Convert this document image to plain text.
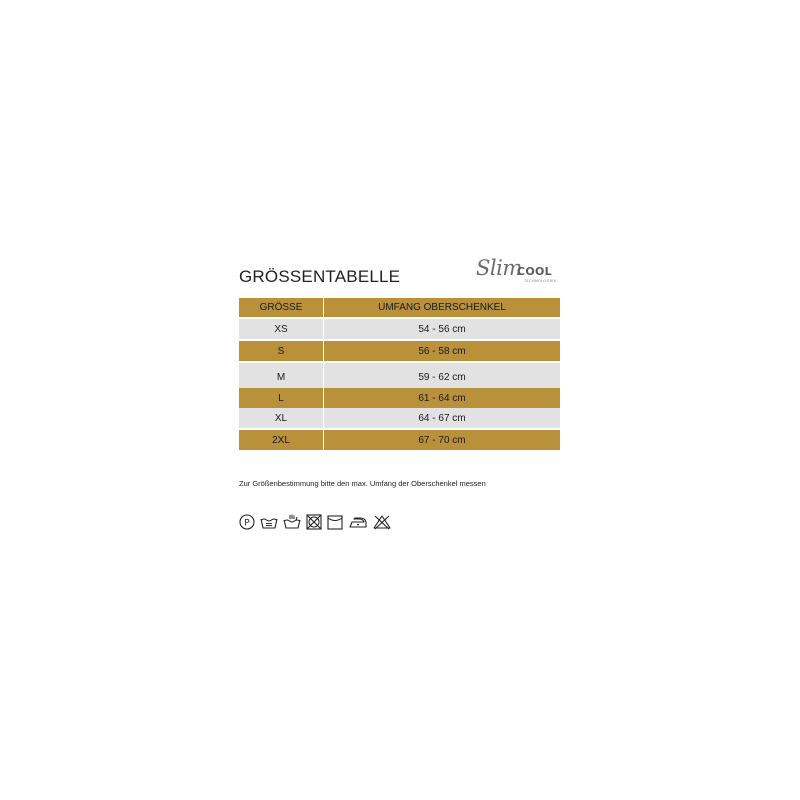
GRÖSSENTABELLE	Slim
COOL
TECHNOLOGIES
GRÖSSE	UMFANG OBERSCHENKEL

XS	54 - 56 cm

S	56 - 58 cm

M	59 - 62 cm
L	61 - 64 cm
XL	64 - 67 cm

2XL	67 - 70 cm
Zur Größenbestimmung bitte den max. Umfang der Oberschenkel messen
P
